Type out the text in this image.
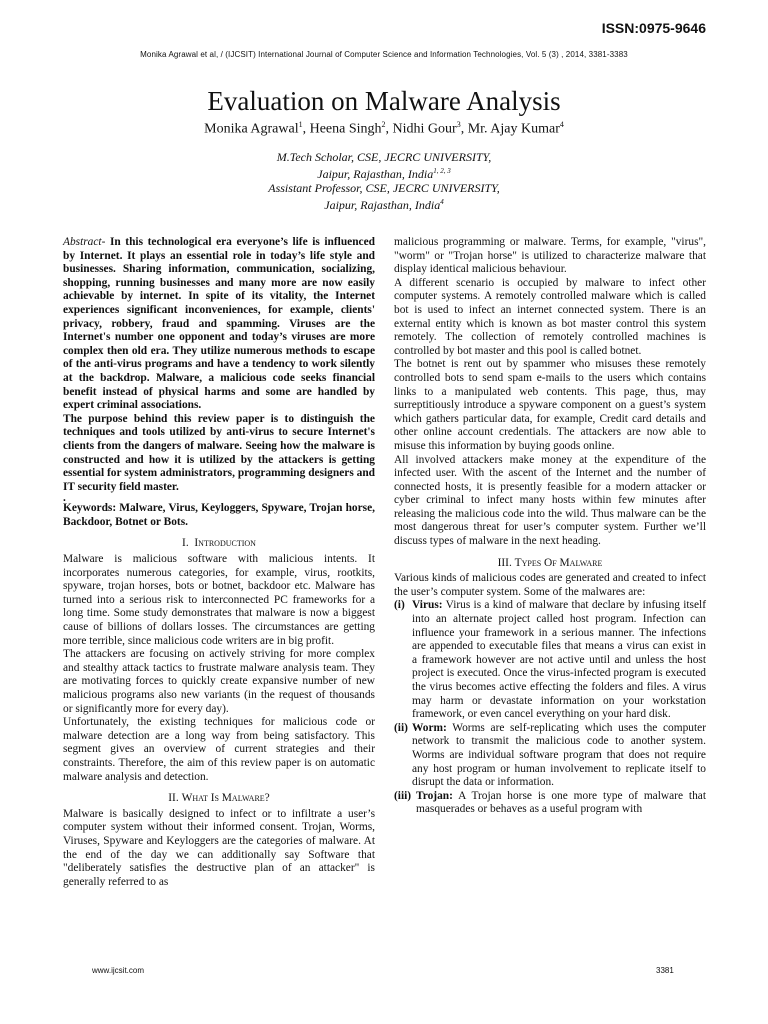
ISSN:0975-9646
Monika Agrawal et al, / (IJCSIT) International Journal of Computer Science and Information Technologies, Vol. 5 (3) , 2014, 3381-3383
Evaluation on Malware Analysis
Monika Agrawal$^1$, Heena Singh$^2$, Nidhi Gour$^3$, Mr. Ajay Kumar$^4$
M.Tech Scholar, CSE, JECRC UNIVERSITY,
Jaipur, Rajasthan, India$^{1, 2, 3}$
Assistant Professor, CSE, JECRC UNIVERSITY,
Jaipur, Rajasthan, India$^4$

Abstract- In this technological era everyone’s life is influenced by Internet. It plays an essential role in today’s life style and businesses. Sharing information, communication, socializing, shopping, running businesses and many more are now easily achievable by internet. In spite of its vitality, the Internet experiences significant inconveniences, for example, clients' privacy, robbery, fraud and spamming. Viruses are the Internet's number one opponent and today’s viruses are more complex then old era. They utilize numerous methods to escape of the anti-virus programs and have a tendency to work silently at the backdrop. Malware, a malicious code seeks financial benefit instead of physical harms and some are handled by expert criminal associations.

The purpose behind this review paper is to distinguish the techniques and tools utilized by anti-virus to secure Internet's clients from the dangers of malware. Seeing how the malware is constructed and how it is utilized by the attackers is getting essential for system administrators, programming designers and IT security field master.

.

Keywords: Malware, Virus, Keyloggers, Spyware, Trojan horse, Backdoor, Botnet or Bots.

I. Introduction

Malware is malicious software with malicious intents. It incorporates numerous categories, for example, virus, rootkits, spyware, trojan horses, bots or botnet, backdoor etc. Malware has turned into a serious risk to interconnected PC frameworks for a long time. Some study demonstrates that malware is now a biggest cause of billions of dollars losses. The circumstances are getting more terrible, since malicious code writers are in big profit.

The attackers are focusing on actively striving for more complex and stealthy attack tactics to frustrate malware analysis team. They are motivating forces to quickly create expansive number of new malicious programs also new variants (in the request of thousands or significantly more for every day).

Unfortunately, the existing techniques for malicious code or malware detection are a long way from being satisfactory. This segment gives an overview of current strategies and their constraints. Therefore, the aim of this review paper is on automatic malware analysis and detection.

II. What Is Malware?

Malware is basically designed to infect or to infiltrate a user’s computer system without their informed consent. Trojan, Worms, Viruses, Spyware and Keyloggers are the categories of malware. At the end of the day we can additionally say Software that "deliberately satisfies the destructive plan of an attacker" is generally referred to as

malicious programming or malware. Terms, for example, "virus", "worm" or "Trojan horse" is utilized to characterize malware that display identical malicious behaviour.

A different scenario is occupied by malware to infect other computer systems. A remotely controlled malware which is called bot is used to infect an internet connected system. There is an external entity which is known as bot master control this system remotely. The collection of remotely controlled machines is controlled by bot master and this pool is called botnet.

The botnet is rent out by spammer who misuses these remotely controlled bots to send spam e-mails to the users which contains links to a manipulated web contents. This page, thus, may surreptitiously introduce a spyware component on a guest’s system which gathers particular data, for example, Credit card details and other online account credentials. The attackers are now able to misuse this information by buying goods online.

All involved attackers make money at the expenditure of the infected user. With the ascent of the Internet and the number of connected hosts, it is presently feasible for a modern attacker or cyber criminal to infect many hosts within few minutes after releasing the malicious code into the wild. Thus malware can be the most dangerous threat for user’s computer system. Further we’ll discuss types of malware in the next heading.

III. Types Of Malware

Various kinds of malicious codes are generated and created to infect the user’s computer system. Some of the malwares are:

(i) Virus: Virus is a kind of malware that declare by infusing itself into an alternate project called host program. Infection can influence your framework in a serious manner. The infections are appended to executable files that means a virus can exist in a framework however are not active until and unless the host project is executed. Once the virus-infected program is executed the virus becomes active effecting the folders and files. A virus may harm or devastate information on your workstation framework, or even cancel everything on your hard disk.
(ii) Worm: Worms are self-replicating which uses the computer network to transmit the malicious code to another system. Worms are individual software program that does not require any host program or human involvement to replicate itself to disrupt the data or information.
(iii) Trojan: A Trojan horse is one more type of malware that masquerades or behaves as a useful program with
www.ijcsit.com	3381
